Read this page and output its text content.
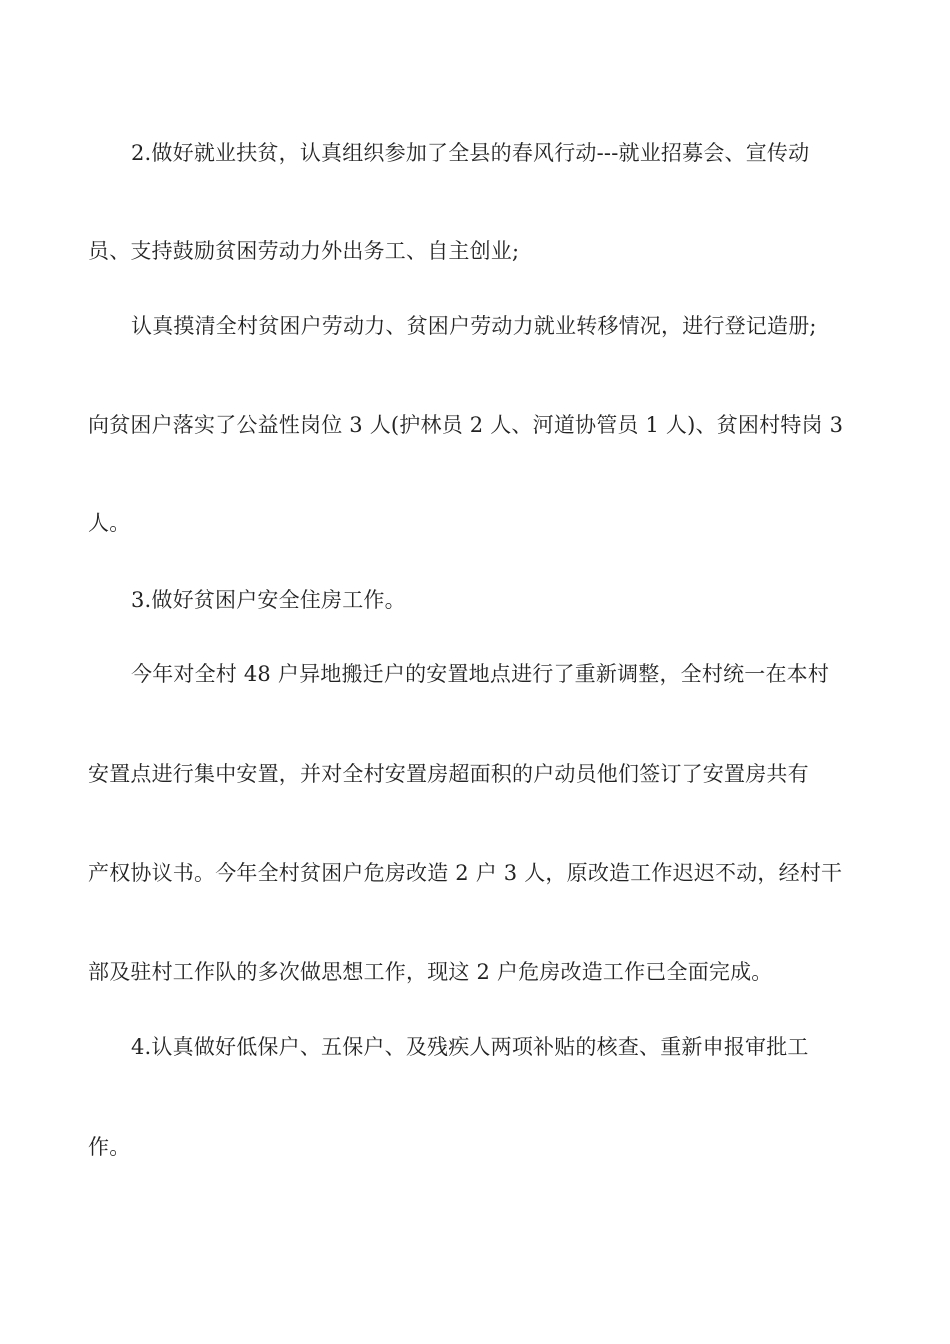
2.做好就业扶贫，认真组织参加了全县的春风行动---就业招募会、宣传动
员、支持鼓励贫困劳动力外出务工、自主创业;
认真摸清全村贫困户劳动力、贫困户劳动力就业转移情况，进行登记造册;
向贫困户落实了公益性岗位 3 人(护林员 2 人、河道协管员 1 人)、贫困村特岗 3
人。
3.做好贫困户安全住房工作。
今年对全村 48 户异地搬迁户的安置地点进行了重新调整，全村统一在本村
安置点进行集中安置，并对全村安置房超面积的户动员他们签订了安置房共有
产权协议书。今年全村贫困户危房改造 2 户 3 人，原改造工作迟迟不动，经村干
部及驻村工作队的多次做思想工作，现这 2 户危房改造工作已全面完成。
4.认真做好低保户、五保户、及残疾人两项补贴的核查、重新申报审批工
作。
